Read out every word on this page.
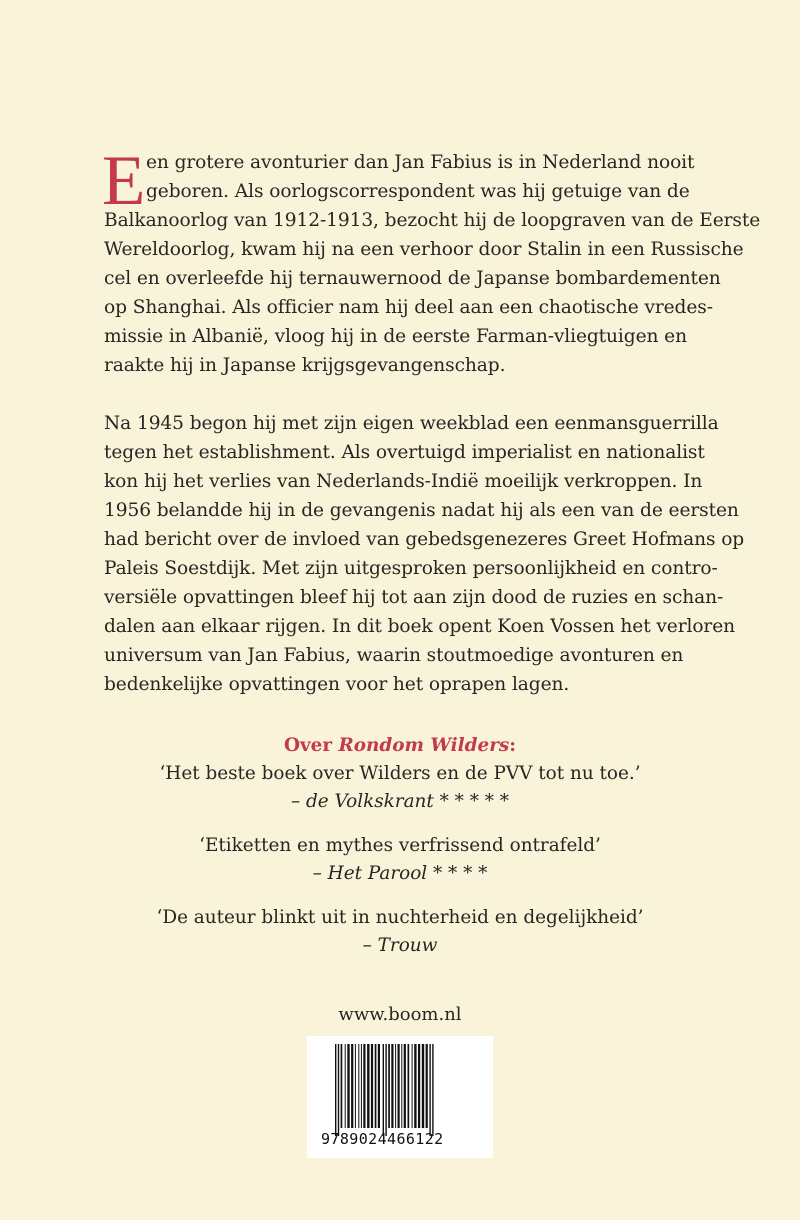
E en grotere avonturier dan Jan Fabius is in Nederland nooit
geboren. Als oorlogscorrespondent was hij getuige van de
Balkanoorlog van 1912-1913, bezocht hij de loopgraven van de Eerste
Wereldoorlog, kwam hij na een verhoor door Stalin in een Russische
cel en overleefde hij ternauwernood de Japanse bombardementen
op Shanghai. Als officier nam hij deel aan een chaotische vredes-
missie in Albanië, vloog hij in de eerste Farman-vliegtuigen en
raakte hij in Japanse krijgsgevangenschap.
Na 1945 begon hij met zijn eigen weekblad een eenmansguerrilla
tegen het establishment. Als overtuigd imperialist en nationalist
kon hij het verlies van Nederlands-Indië moeilijk verkroppen. In
1956 belandde hij in de gevangenis nadat hij als een van de eersten
had bericht over de invloed van gebedsgenezeres Greet Hofmans op
Paleis Soestdijk. Met zijn uitgesproken persoonlijkheid en contro-
versiële opvattingen bleef hij tot aan zijn dood de ruzies en schan-
dalen aan elkaar rijgen. In dit boek opent Koen Vossen het verloren
universum van Jan Fabius, waarin stoutmoedige avonturen en
bedenkelijke opvattingen voor het oprapen lagen.
Over Rondom Wilders:
‘Het beste boek over Wilders en de PVV tot nu toe.’
– de Volkskrant * * * * *
‘Etiketten en mythes verfrissend ontrafeld’
– Het Parool * * * *
‘De auteur blinkt uit in nuchterheid en degelijkheid’
– Trouw
www.boom.nl
9789024466122
